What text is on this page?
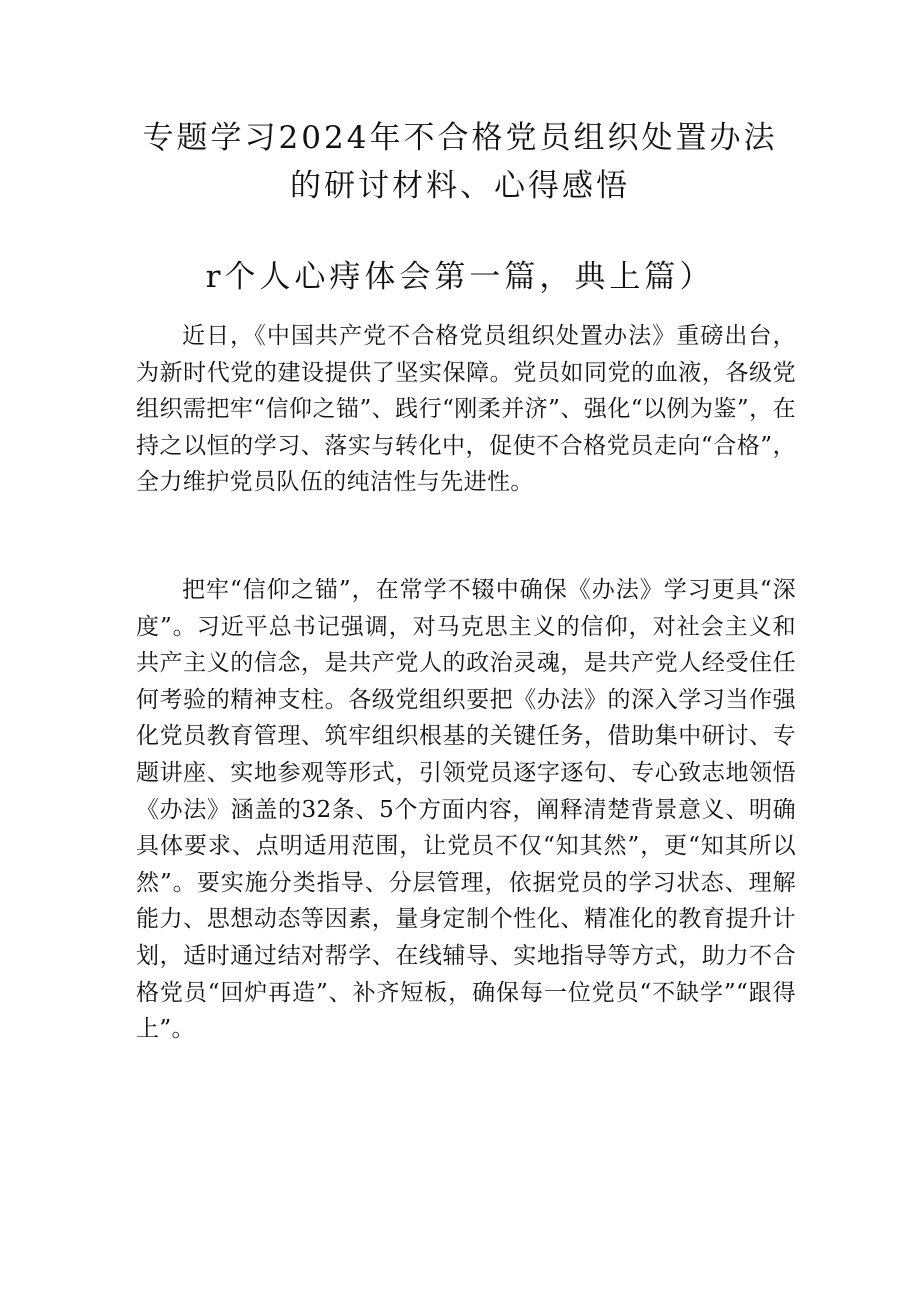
专题学习2024年不合格党员组织处置办法
的研讨材料、心得感悟
r个人心痔体会第一篇，典上篇）

近日，《中国共产党不合格党员组织处置办法》重磅出台，为新时代党的建设提供了坚实保障。党员如同党的血液，各级党组织需把牢“信仰之锚”、践行“刚柔并济”、强化“以例为鉴”，在持之以恒的学习、落实与转化中，促使不合格党员走向“合格”，全力维护党员队伍的纯洁性与先进性。

把牢“信仰之锚”，在常学不辍中确保《办法》学习更具“深度”。习近平总书记强调，对马克思主义的信仰，对社会主义和共产主义的信念，是共产党人的政治灵魂，是共产党人经受住任何考验的精神支柱。各级党组织要把《办法》的深入学习当作强化党员教育管理、筑牢组织根基的关键任务，借助集中研讨、专题讲座、实地参观等形式，引领党员逐字逐句、专心致志地领悟《办法》涵盖的32条、5个方面内容，阐释清楚背景意义、明确具体要求、点明适用范围，让党员不仅“知其然”，更“知其所以然”。要实施分类指导、分层管理，依据党员的学习状态、理解能力、思想动态等因素，量身定制个性化、精准化的教育提升计划，适时通过结对帮学、在线辅导、实地指导等方式，助力不合格党员“回炉再造”、补齐短板，确保每一位党员“不缺学”“跟得上”。
